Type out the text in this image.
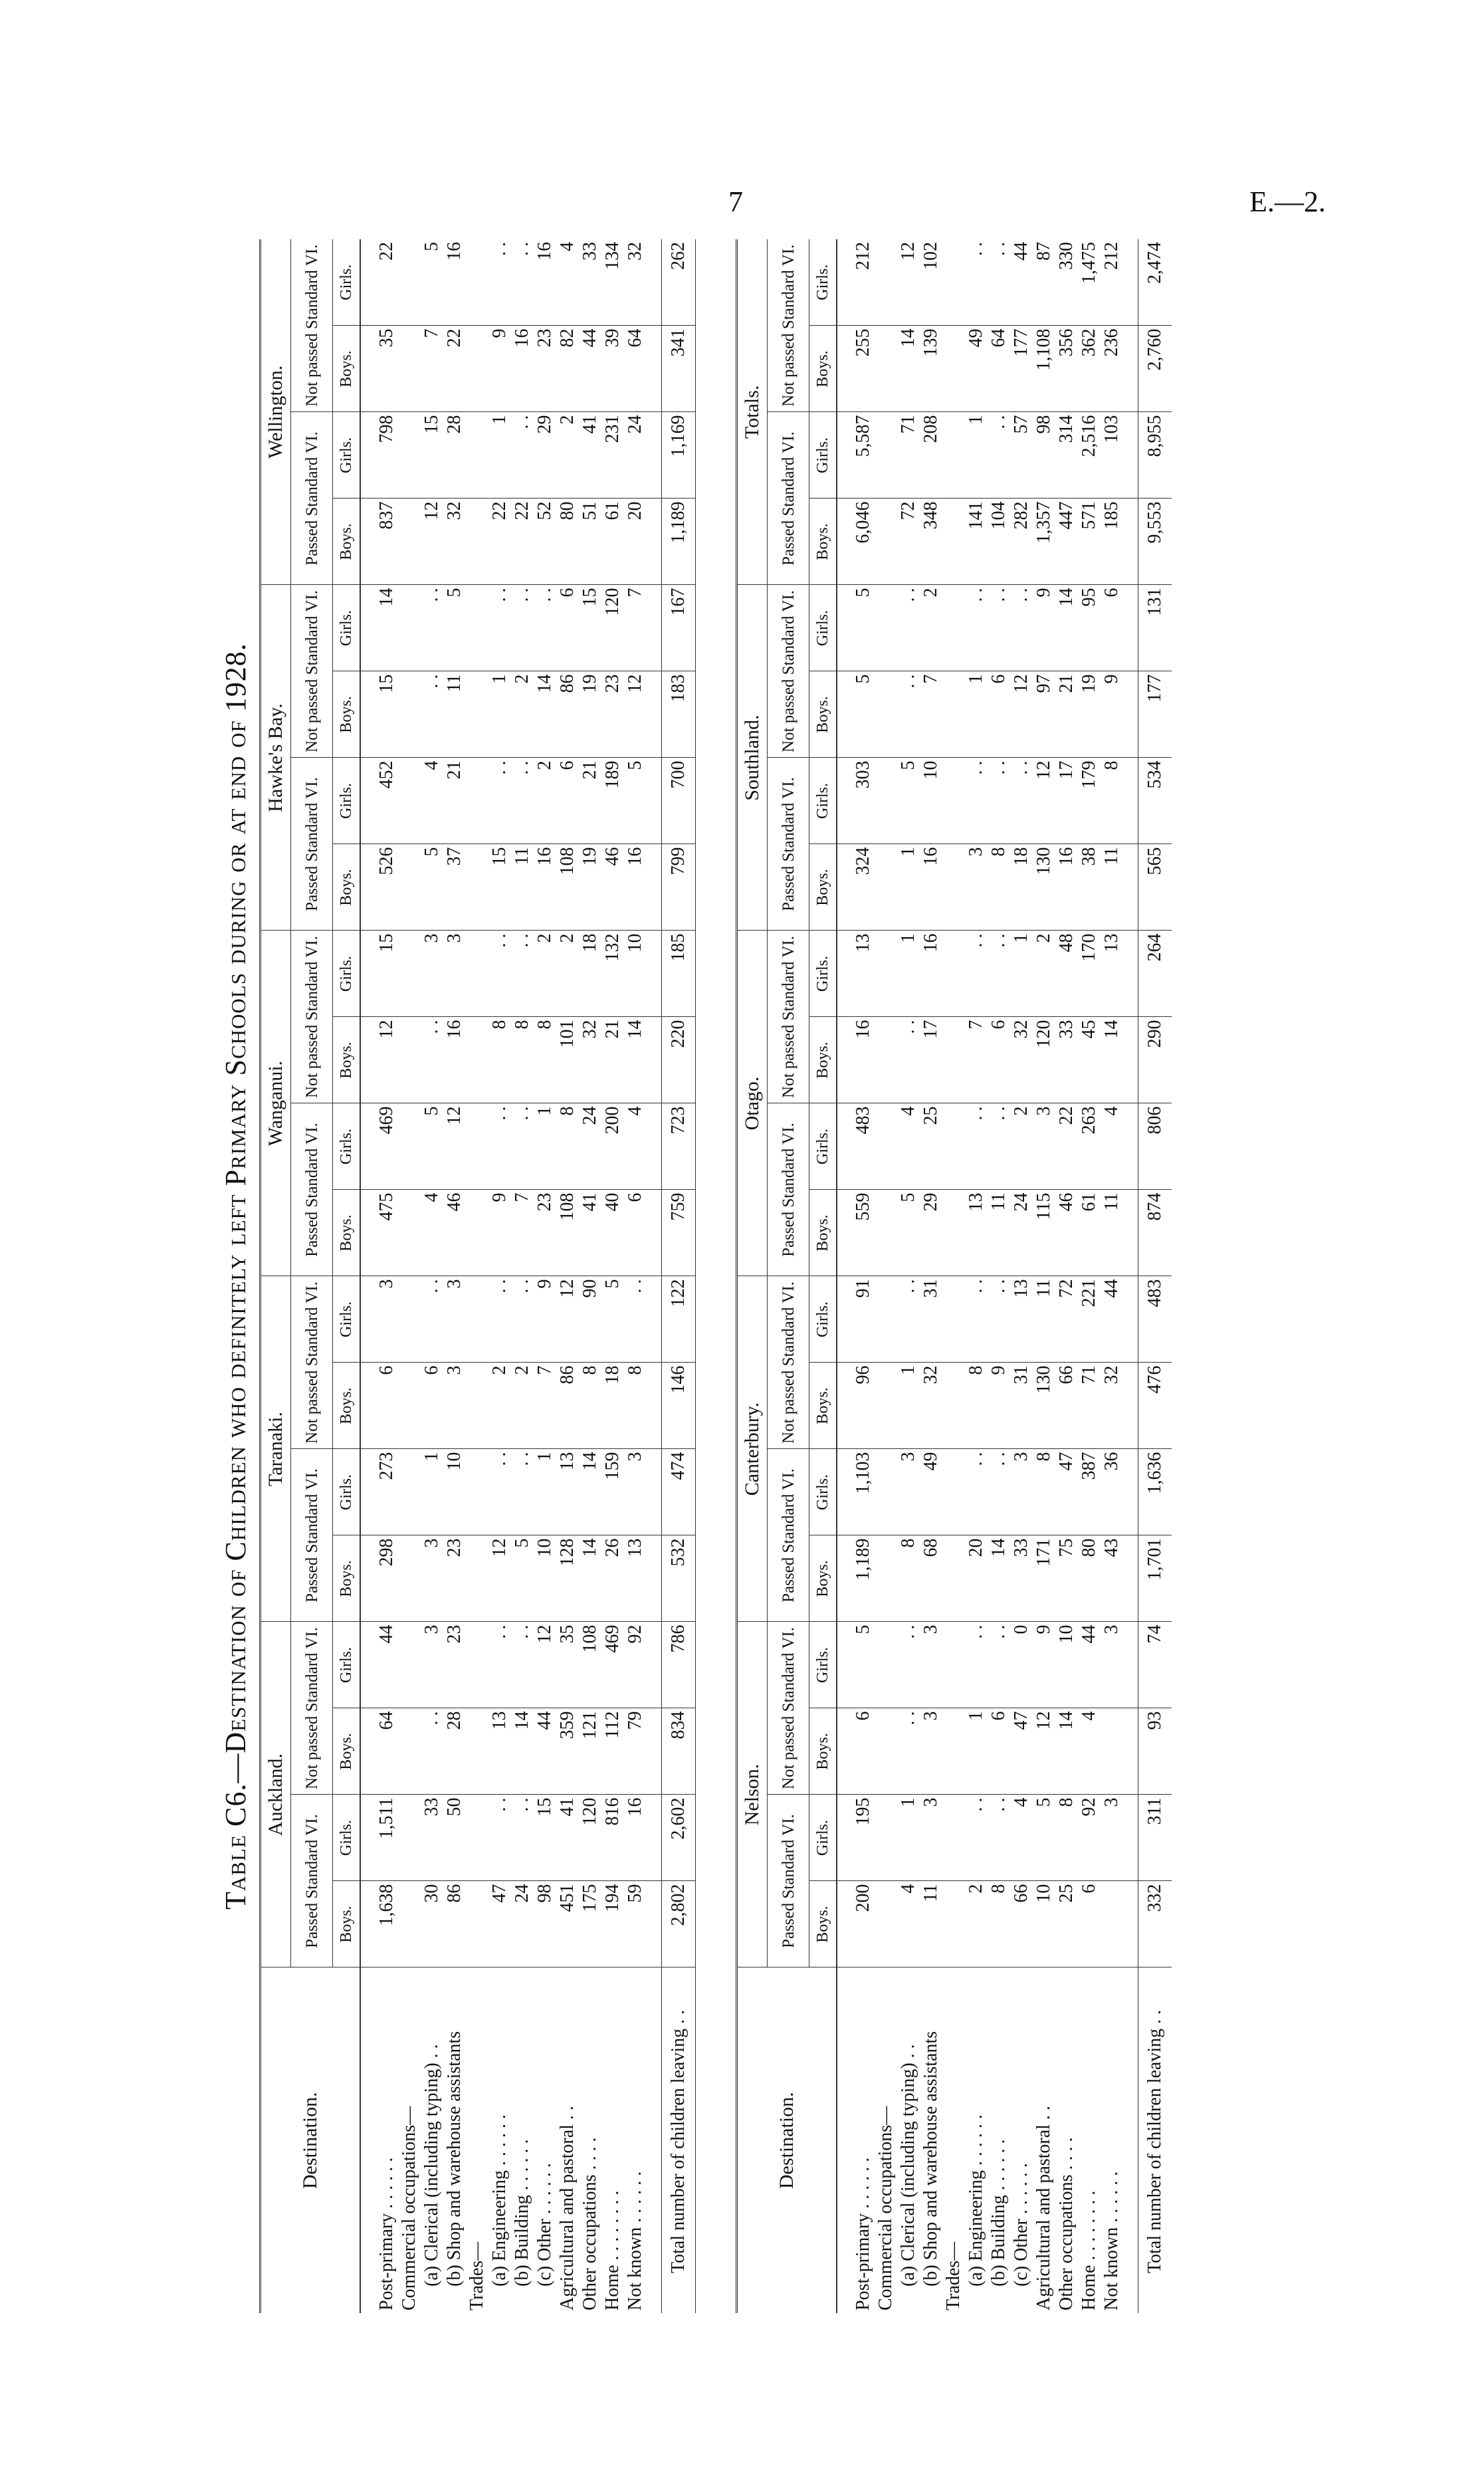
7	E.—2.
Table C6.—Destination of Children who definitely left Primary Schools during or at end of 1928.
Destination.	Auckland.				Taranaki.				Wanganui.				Hawke's Bay.				Wellington.			
	Passed Standard VI.		Not passed Standard VI.		Passed Standard VI.		Not passed Standard VI.		Passed Standard VI.		Not passed Standard VI.		Passed Standard VI.		Not passed Standard VI.		Passed Standard VI.		Not passed Standard VI.	
	Boys.	Girls.	Boys.	Girls.	Boys.	Girls.	Boys.	Girls.	Boys.	Girls.	Boys.	Girls.	Boys.	Girls.	Boys.	Girls.	Boys.	Girls.	Boys.	Girls.

Post-primary . . . . . .	1,638	1,511	64	44	298	273	6	3	475	469	12	15	526	452	15	14	837	798	35	22
Commercial occupations—																				
(a) Clerical (including typing) . .	30	33	. .	3	3	1	6	. .	4	5	. .	3	5	4	. .	. .	12	15	7	5
(b) Shop and warehouse assistants	86	50	28	23	23	10	3	3	46	12	16	3	37	21	11	5	32	28	22	16
Trades—																				
(a) Engineering . . . . . .	47	. .	13	. .	12	. .	2	. .	9	. .	8	. .	15	. .	1	. .	22	1	9	. .
(b) Building . . . . . .	24	. .	14	. .	5	. .	2	. .	7	. .	8	. .	11	. .	2	. .	22	. .	16	. .
(c) Other . . . . . .	98	15	44	12	10	1	7	9	23	1	8	2	16	2	14	. .	52	29	23	16
Agricultural and pastoral . .	451	41	359	35	128	13	86	12	108	8	101	2	108	6	86	6	80	2	82	4
Other occupations . . . .	175	120	121	108	14	14	8	90	41	24	32	18	19	21	19	15	51	41	44	33
Home . . . . . . . .	194	816	112	469	26	159	18	5	40	200	21	132	46	189	23	120	61	231	39	134
Not known . . . . . .	59	16	79	92	13	3	8	. .	6	4	14	10	16	5	12	7	20	24	64	32

Total number of children leaving . .	2,802	2,602	834	786	532	474	146	122	759	723	220	185	799	700	183	167	1,189	1,169	341	262
Destination.	Nelson.				Canterbury.				Otago.				Southland.				Totals.			
	Passed Standard VI.		Not passed Standard VI.		Passed Standard VI.		Not passed Standard VI.		Passed Standard VI.		Not passed Standard VI.		Passed Standard VI.		Not passed Standard VI.		Passed Standard VI.		Not passed Standard VI.	
	Boys.	Girls.	Boys.	Girls.	Boys.	Girls.	Boys.	Girls.	Boys.	Girls.	Boys.	Girls.	Boys.	Girls.	Boys.	Girls.	Boys.	Girls.	Boys.	Girls.

Post-primary . . . . . .	200	195	6	5	1,189	1,103	96	91	559	483	16	13	324	303	5	5	6,046	5,587	255	212
Commercial occupations—																				
(a) Clerical (including typing) . .	4	1	. .	. .	8	3	1	. .	5	4	. .	1	1	5	. .	. .	72	71	14	12
(b) Shop and warehouse assistants	11	3	3	3	68	49	32	31	29	25	17	16	16	10	7	2	348	208	139	102
Trades—																				
(a) Engineering . . . . . .	2	. .	1	. .	20	. .	8	. .	13	. .	7	. .	3	. .	1	. .	141	1	49	. .
(b) Building . . . . . .	8	. .	6	. .	14	. .	9	. .	11	. .	6	. .	8	. .	6	. .	104	. .	64	. .
(c) Other . . . . . .	66	4	47	0	33	3	31	13	24	2	32	1	18	. .	12	. .	282	57	177	44
Agricultural and pastoral . .	10	5	12	9	171	8	130	11	115	3	120	2	130	12	97	9	1,357	98	1,108	87
Other occupations . . . .	25	8	14	10	75	47	66	72	46	22	33	48	16	17	21	14	447	314	356	330
Home . . . . . . . .	6	92	4	44	80	387	71	221	61	263	45	170	38	179	19	95	571	2,516	362	1,475
Not known . . . . . .		3		3	43	36	32	44	11	4	14	13	11	8	9	6	185	103	236	212

Total number of children leaving . .	332	311	93	74	1,701	1,636	476	483	874	806	290	264	565	534	177	131	9,553	8,955	2,760	2,474
